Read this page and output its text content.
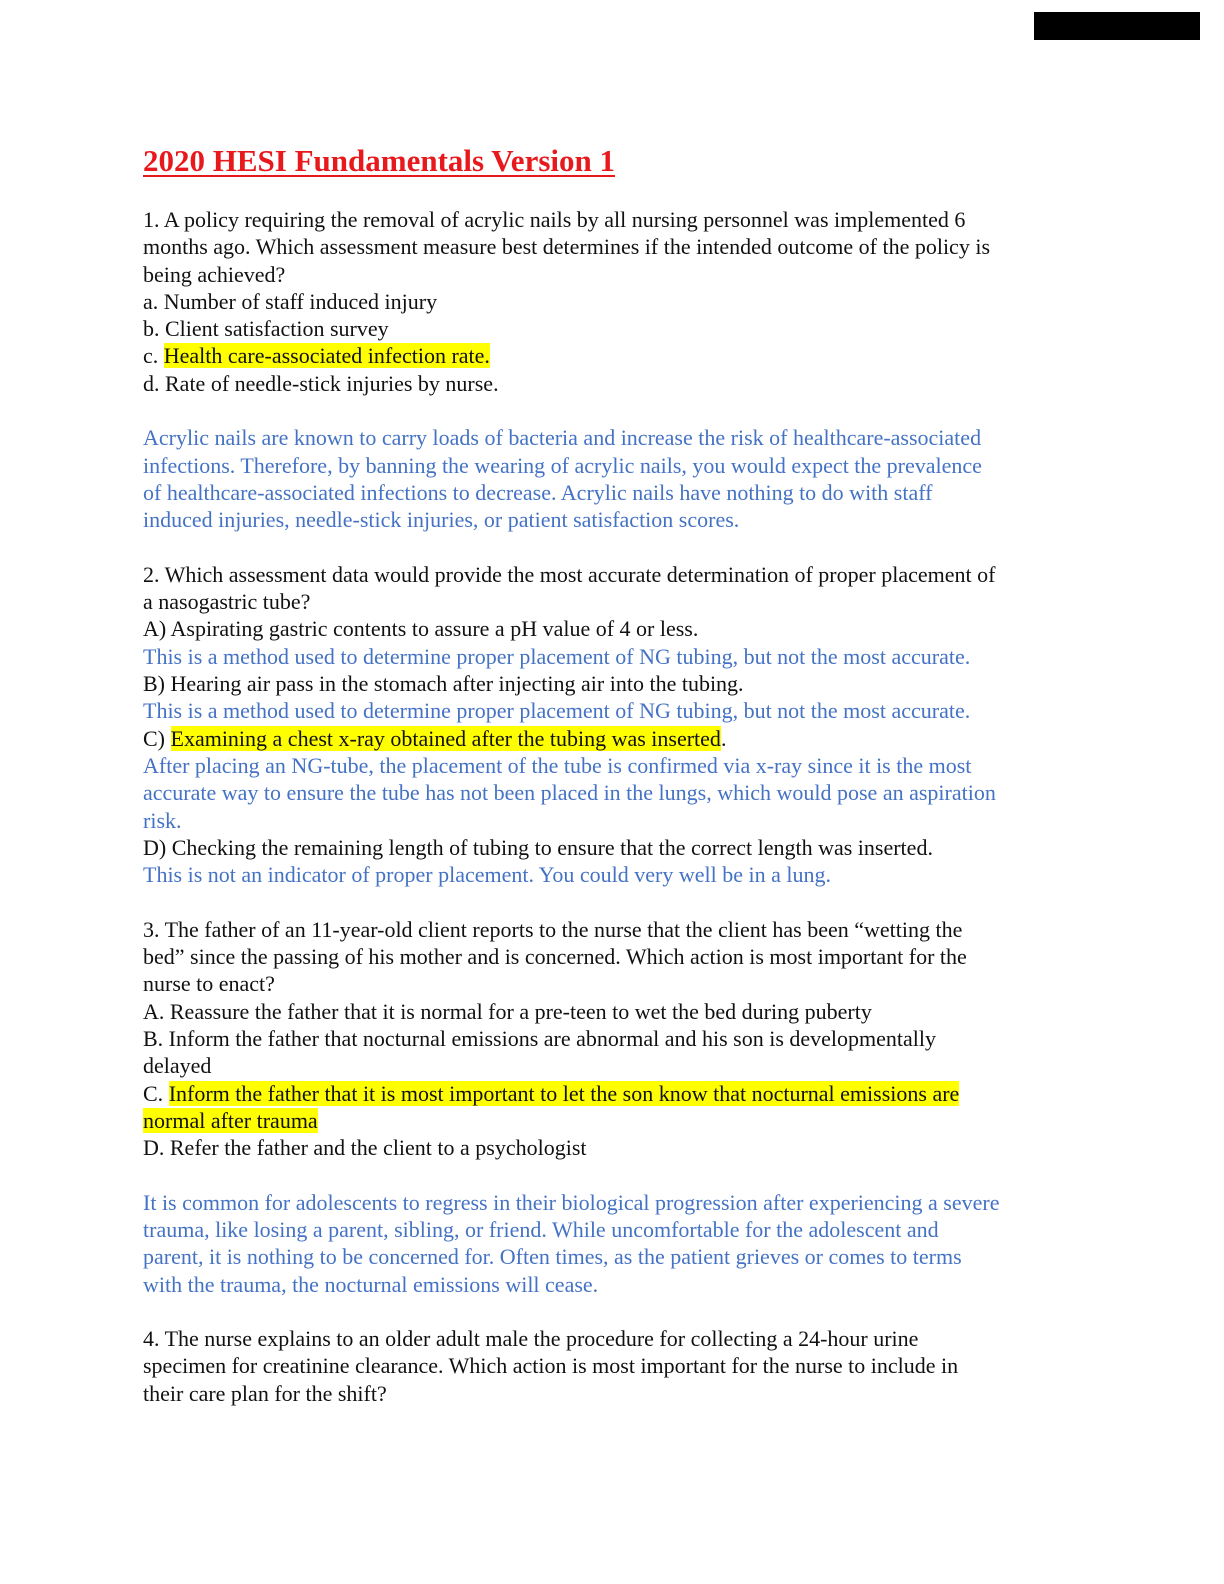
2020 HESI Fundamentals Version 1

1. A policy requiring the removal of acrylic nails by all nursing personnel was implemented 6

months ago. Which assessment measure best determines if the intended outcome of the policy is

being achieved?

a. Number of staff induced injury

b. Client satisfaction survey

c. Health care-associated infection rate.

d. Rate of needle-stick injuries by nurse.

Acrylic nails are known to carry loads of bacteria and increase the risk of healthcare-associated

infections. Therefore, by banning the wearing of acrylic nails, you would expect the prevalence

of healthcare-associated infections to decrease. Acrylic nails have nothing to do with staff

induced injuries, needle-stick injuries, or patient satisfaction scores.

2. Which assessment data would provide the most accurate determination of proper placement of

a nasogastric tube?

A) Aspirating gastric contents to assure a pH value of 4 or less.

This is a method used to determine proper placement of NG tubing, but not the most accurate.

B) Hearing air pass in the stomach after injecting air into the tubing.

This is a method used to determine proper placement of NG tubing, but not the most accurate.

C) Examining a chest x-ray obtained after the tubing was inserted.

After placing an NG-tube, the placement of the tube is confirmed via x-ray since it is the most

accurate way to ensure the tube has not been placed in the lungs, which would pose an aspiration

risk.

D) Checking the remaining length of tubing to ensure that the correct length was inserted.

This is not an indicator of proper placement. You could very well be in a lung.

3. The father of an 11-year-old client reports to the nurse that the client has been “wetting the

bed” since the passing of his mother and is concerned. Which action is most important for the

nurse to enact?

A. Reassure the father that it is normal for a pre-teen to wet the bed during puberty

B. Inform the father that nocturnal emissions are abnormal and his son is developmentally

delayed

C. Inform the father that it is most important to let the son know that nocturnal emissions are

normal after trauma

D. Refer the father and the client to a psychologist

It is common for adolescents to regress in their biological progression after experiencing a severe

trauma, like losing a parent, sibling, or friend. While uncomfortable for the adolescent and

parent, it is nothing to be concerned for. Often times, as the patient grieves or comes to terms

with the trauma, the nocturnal emissions will cease.

4. The nurse explains to an older adult male the procedure for collecting a 24-hour urine

specimen for creatinine clearance. Which action is most important for the nurse to include in

their care plan for the shift?
